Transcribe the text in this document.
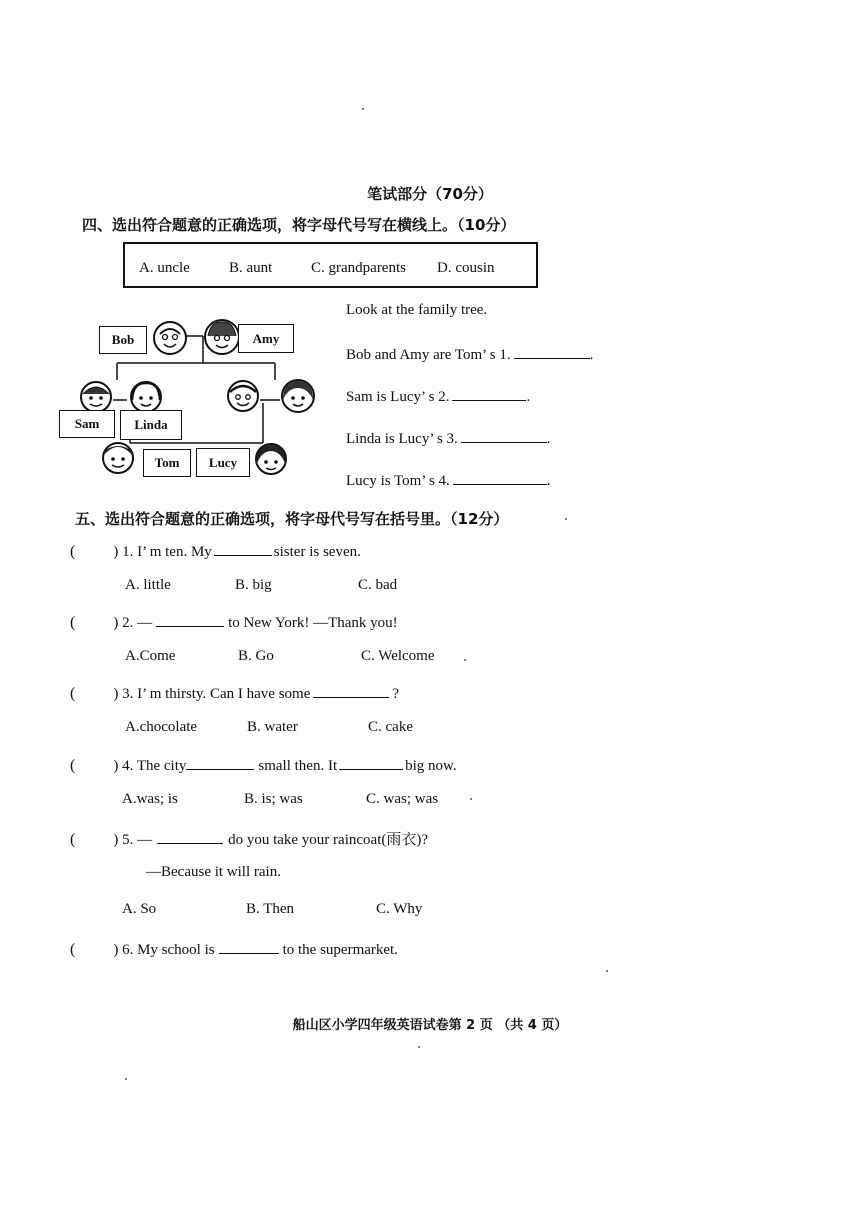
笔试部分（70分）
四、选出符合题意的正确选项，将字母代号写在横线上。（10分）
A. uncle	B. aunt	C. grandparents D. cousin
Bob	Amy
Sam	Linda
Tom	Lucy
Look at the family tree.
Bob and Amy are Tom’ s 1.	.
Sam is Lucy’ s 2.	.
Linda is Lucy’ s 3.	.
Lucy is Tom’ s 4.	.
五、选出符合题意的正确选项，将字母代号写在括号里。（12分）
(	) 1. I’ m ten. My	sister is seven.
A. little	B. big	C. bad
(	) 2. —	to New York! —Thank you!
A.Come	B. Go	C. Welcome
(	) 3. I’ m thirsty. Can I have some	?
A.chocolate	B. water	C. cake
(	) 4. The city	small then. It	big now.
A.was; is	B. is; was	C. was; was
(	) 5. —	do you take your raincoat(雨衣)?
—Because it will rain.
A. So	B. Then	C. Why
(	) 6. My school is	to the supermarket.
船山区小学四年级英语试卷第 2 页 （共 4 页）
